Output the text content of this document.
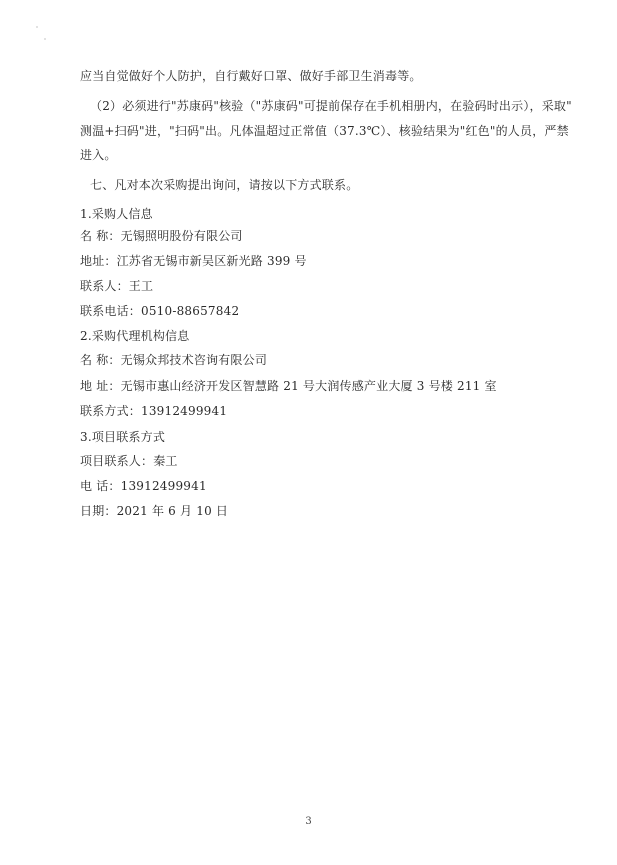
应当自觉做好个人防护，自行戴好口罩、做好手部卫生消毒等。
（2）必须进行"苏康码"核验（"苏康码"可提前保存在手机相册内，在验码时出示），采取"
测温+扫码"进，"扫码"出。凡体温超过正常值（37.3℃）、核验结果为"红色"的人员，严禁
进入。
七、凡对本次采购提出询问，请按以下方式联系。
1.采购人信息
名 称：无锡照明股份有限公司
地址：江苏省无锡市新吴区新光路 399 号
联系人：王工
联系电话：0510-88657842
2.采购代理机构信息
名 称：无锡众邦技术咨询有限公司
地 址：无锡市惠山经济开发区智慧路 21 号大润传感产业大厦 3 号楼 211 室
联系方式：13912499941
3.项目联系方式
项目联系人：秦工
电 话：13912499941
日期：2021 年 6 月 10 日
3
